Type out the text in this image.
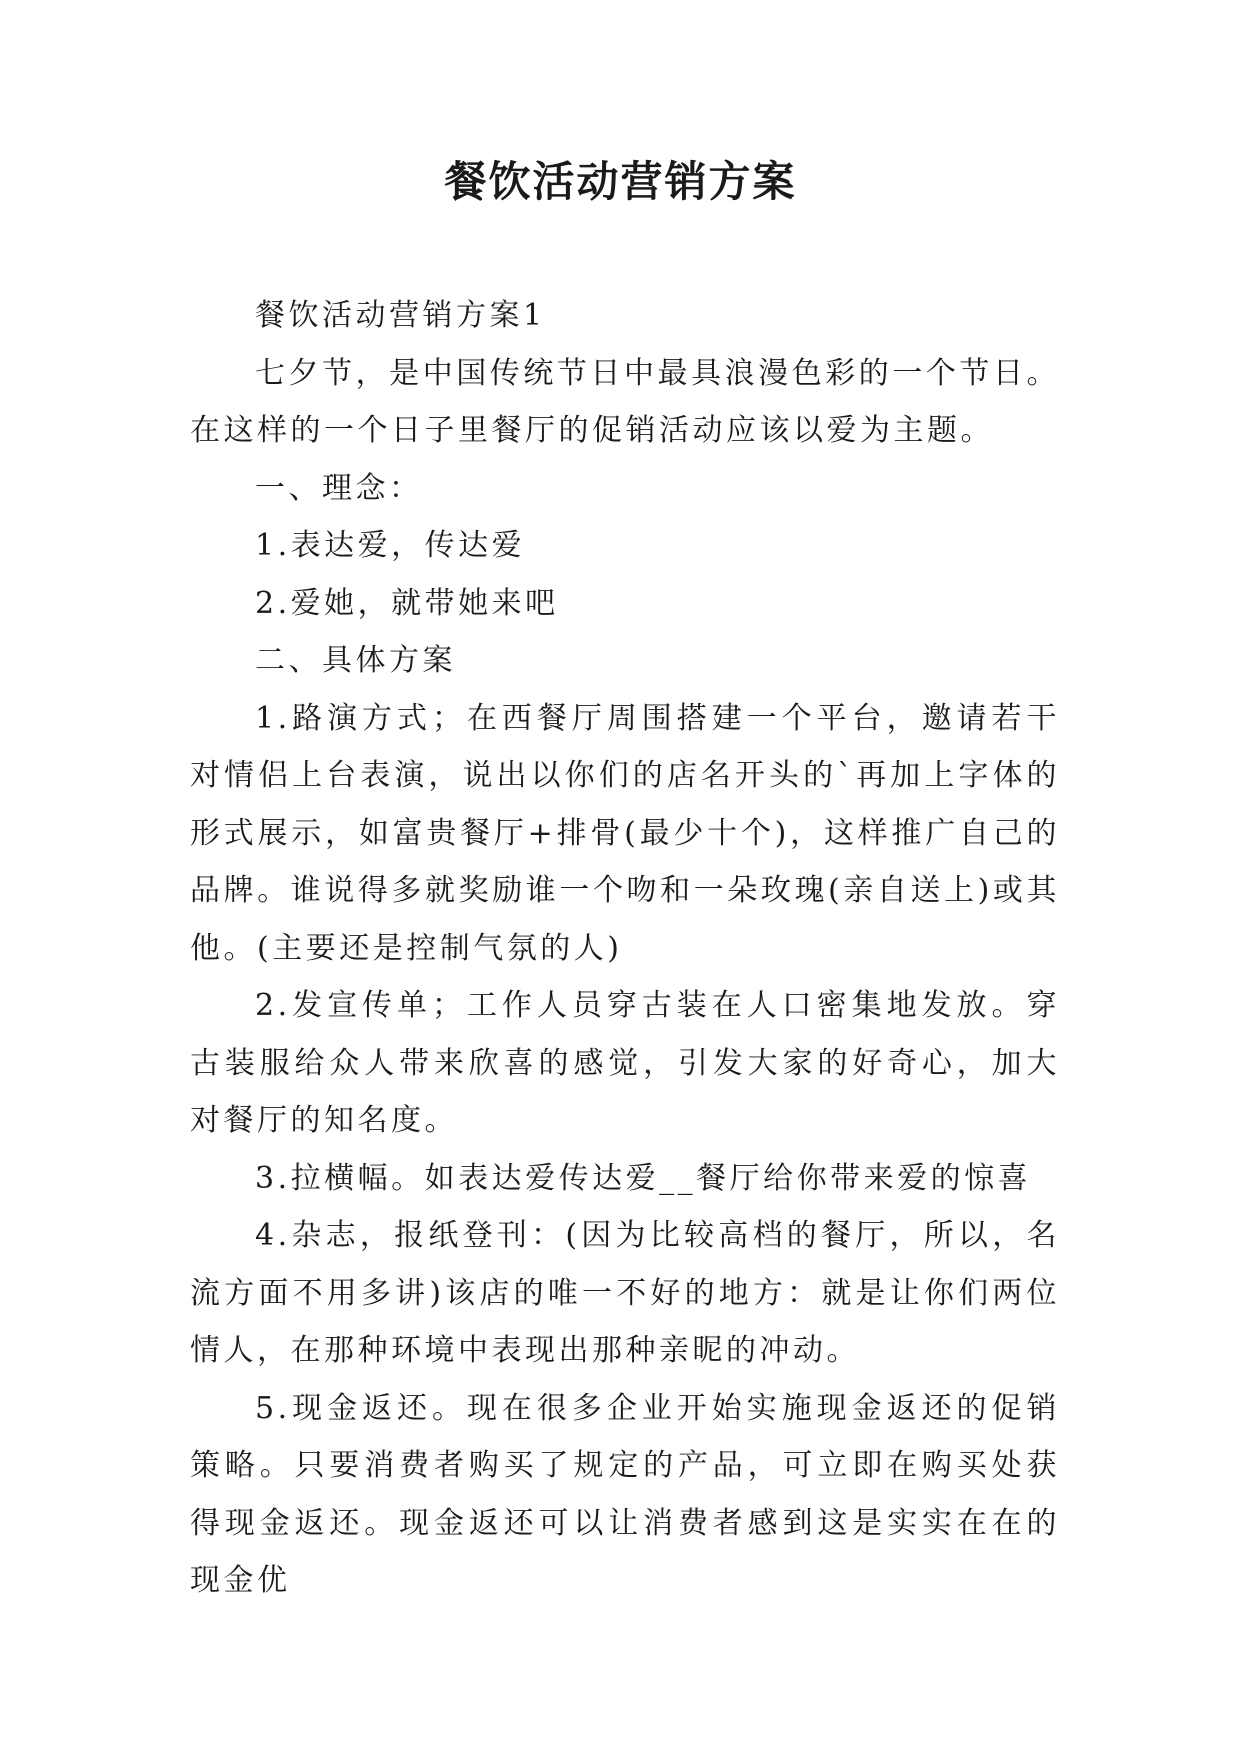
餐饮活动营销方案

餐饮活动营销方案1

七夕节，是中国传统节日中最具浪漫色彩的一个节日。在这样的一个日子里餐厅的促销活动应该以爱为主题。

一、理念：

1.表达爱，传达爱

2.爱她，就带她来吧

二、具体方案

1.路演方式；在西餐厅周围搭建一个平台，邀请若干对情侣上台表演，说出以你们的店名开头的`再加上字体的形式展示，如富贵餐厅+排骨(最少十个)，这样推广自己的品牌。谁说得多就奖励谁一个吻和一朵玫瑰(亲自送上)或其他。(主要还是控制气氛的人)

2.发宣传单；工作人员穿古装在人口密集地发放。穿古装服给众人带来欣喜的感觉，引发大家的好奇心，加大对餐厅的知名度。

3.拉横幅。如表达爱传达爱__餐厅给你带来爱的惊喜

4.杂志，报纸登刊：(因为比较高档的餐厅，所以，名流方面不用多讲)该店的唯一不好的地方：就是让你们两位情人，在那种环境中表现出那种亲昵的冲动。

5.现金返还。现在很多企业开始实施现金返还的促销策略。只要消费者购买了规定的产品，可立即在购买处获得现金返还。现金返还可以让消费者感到这是实实在在的现金优
